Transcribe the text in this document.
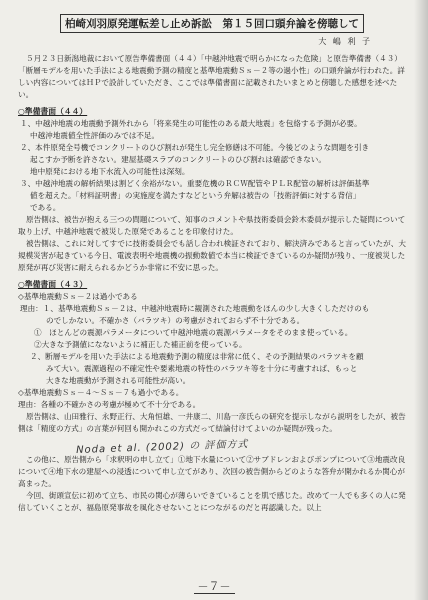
柏崎刈羽原発運転差し止め訴訟　第１５回口頭弁論を傍聴して
大 嶋 利 子

５月２３日新潟地裁において原告準備書面（４４）「中越沖地震で明らかになった危険」と原告準備書（４３）「断層モデルを用いた手法による地震動予測の精度と基準地震動Ｓｓ－２等の過小性」の口頭弁論が行われた。詳しい内容についてはＨＰで設計していただき、ここでは準備書面に記載されたいまとめと傍聴した感想を述べたい。

○準備書面（４４）

１、中越沖地震の地震動予測外れから「将来発生の可能性のある最大地震」を包絡する予測が必要。

中越沖地震値全性評価のみでは不足。

２、本件原発全号機でコンクリートのひび割れが発生し完全修繕は不可能。今後どのような問題を引き

起こすか予断を許さない。建屋基礎スラブのコンクリートのひび割れは確認できない。

地中原発における地下水流入の可能性は深刻。

３、中越沖地震の解析結果は割どく余裕がない。重要危機のＲＣＷ配管やＰＬＲ配管の解析は評価基準

値を超えた。「材料証明書」の実施度を満たすなどという弁解は被告の「技術評価に対する背信」

である。

原告側は、被告が抱える三つの問題について、知事のコメントや県技術委員会鈴木委員が提示した疑問について取り上げ、中越沖地震で被災した原発であることを印象付けた。

被告側は、これに対してすでに技術委員会でも話し合われ検証されており、解決済みであると言っていたが、大規模災害が起きている今日、電波表明や地震機の振動数値で本当に検証できているのか疑問が残り、一度被災した原発が再び災害に耐えられるかどうか非常に不安に思った。

○準備書面（４３）

◇基準地震動Ｓｓ－２は過小である

理由：１、基準地震動Ｓｓ－２は、中越沖地震時に観測された地震動をほんの少し大きくしただけのも

のでしかない。不確かさ（バラツキ）の考慮がされておらず不十分である。

①　ほとんどの震源パラメータについて中越沖地震の震源パラメータをそのまま使っている。

②大きな予測値になないように補正した補正前を使っている。

２、断層モデルを用いた手法による地震動予測の精度は非常に低く、その予測結果のバラツキを顧

みて大い。震源過程の不確定性や要素地震の特性のバラツキ等を十分に考慮すれば、もっと

大きな地震動が予測される可能性が高い。

◇基準地震動Ｓｓ－４～Ｓｓ－７も過小である。

理由：各種の不確かさの考慮が極めて不十分である。

原告側は、山田雅行、永野正行、大角恒雄、一井康二、川島一彦氏らの研究を提示しながら説明をしたが、被告側は「精度の方式」の言葉が何回も開かれこの方式だって結論付けてよいのか疑問が残った。

Noda et al. (2002) の 評価方式

この他に、原告側から「求釈明の申し立て」①地下水量について②サブドレンおよびポンプについて③地震改良について④地下水の建屋への浸透について申し立てがあり、次回の被告側からどのような答弁が開かれるか関心が高まった。

今回、街頭宣伝に初めて立ち、市民の関心が薄らいできていることを肌で感じた。改めて一人でも多くの人に発信していくことが、福島原発事故を風化させないことにつながるのだと再認識した。以上

－７－
